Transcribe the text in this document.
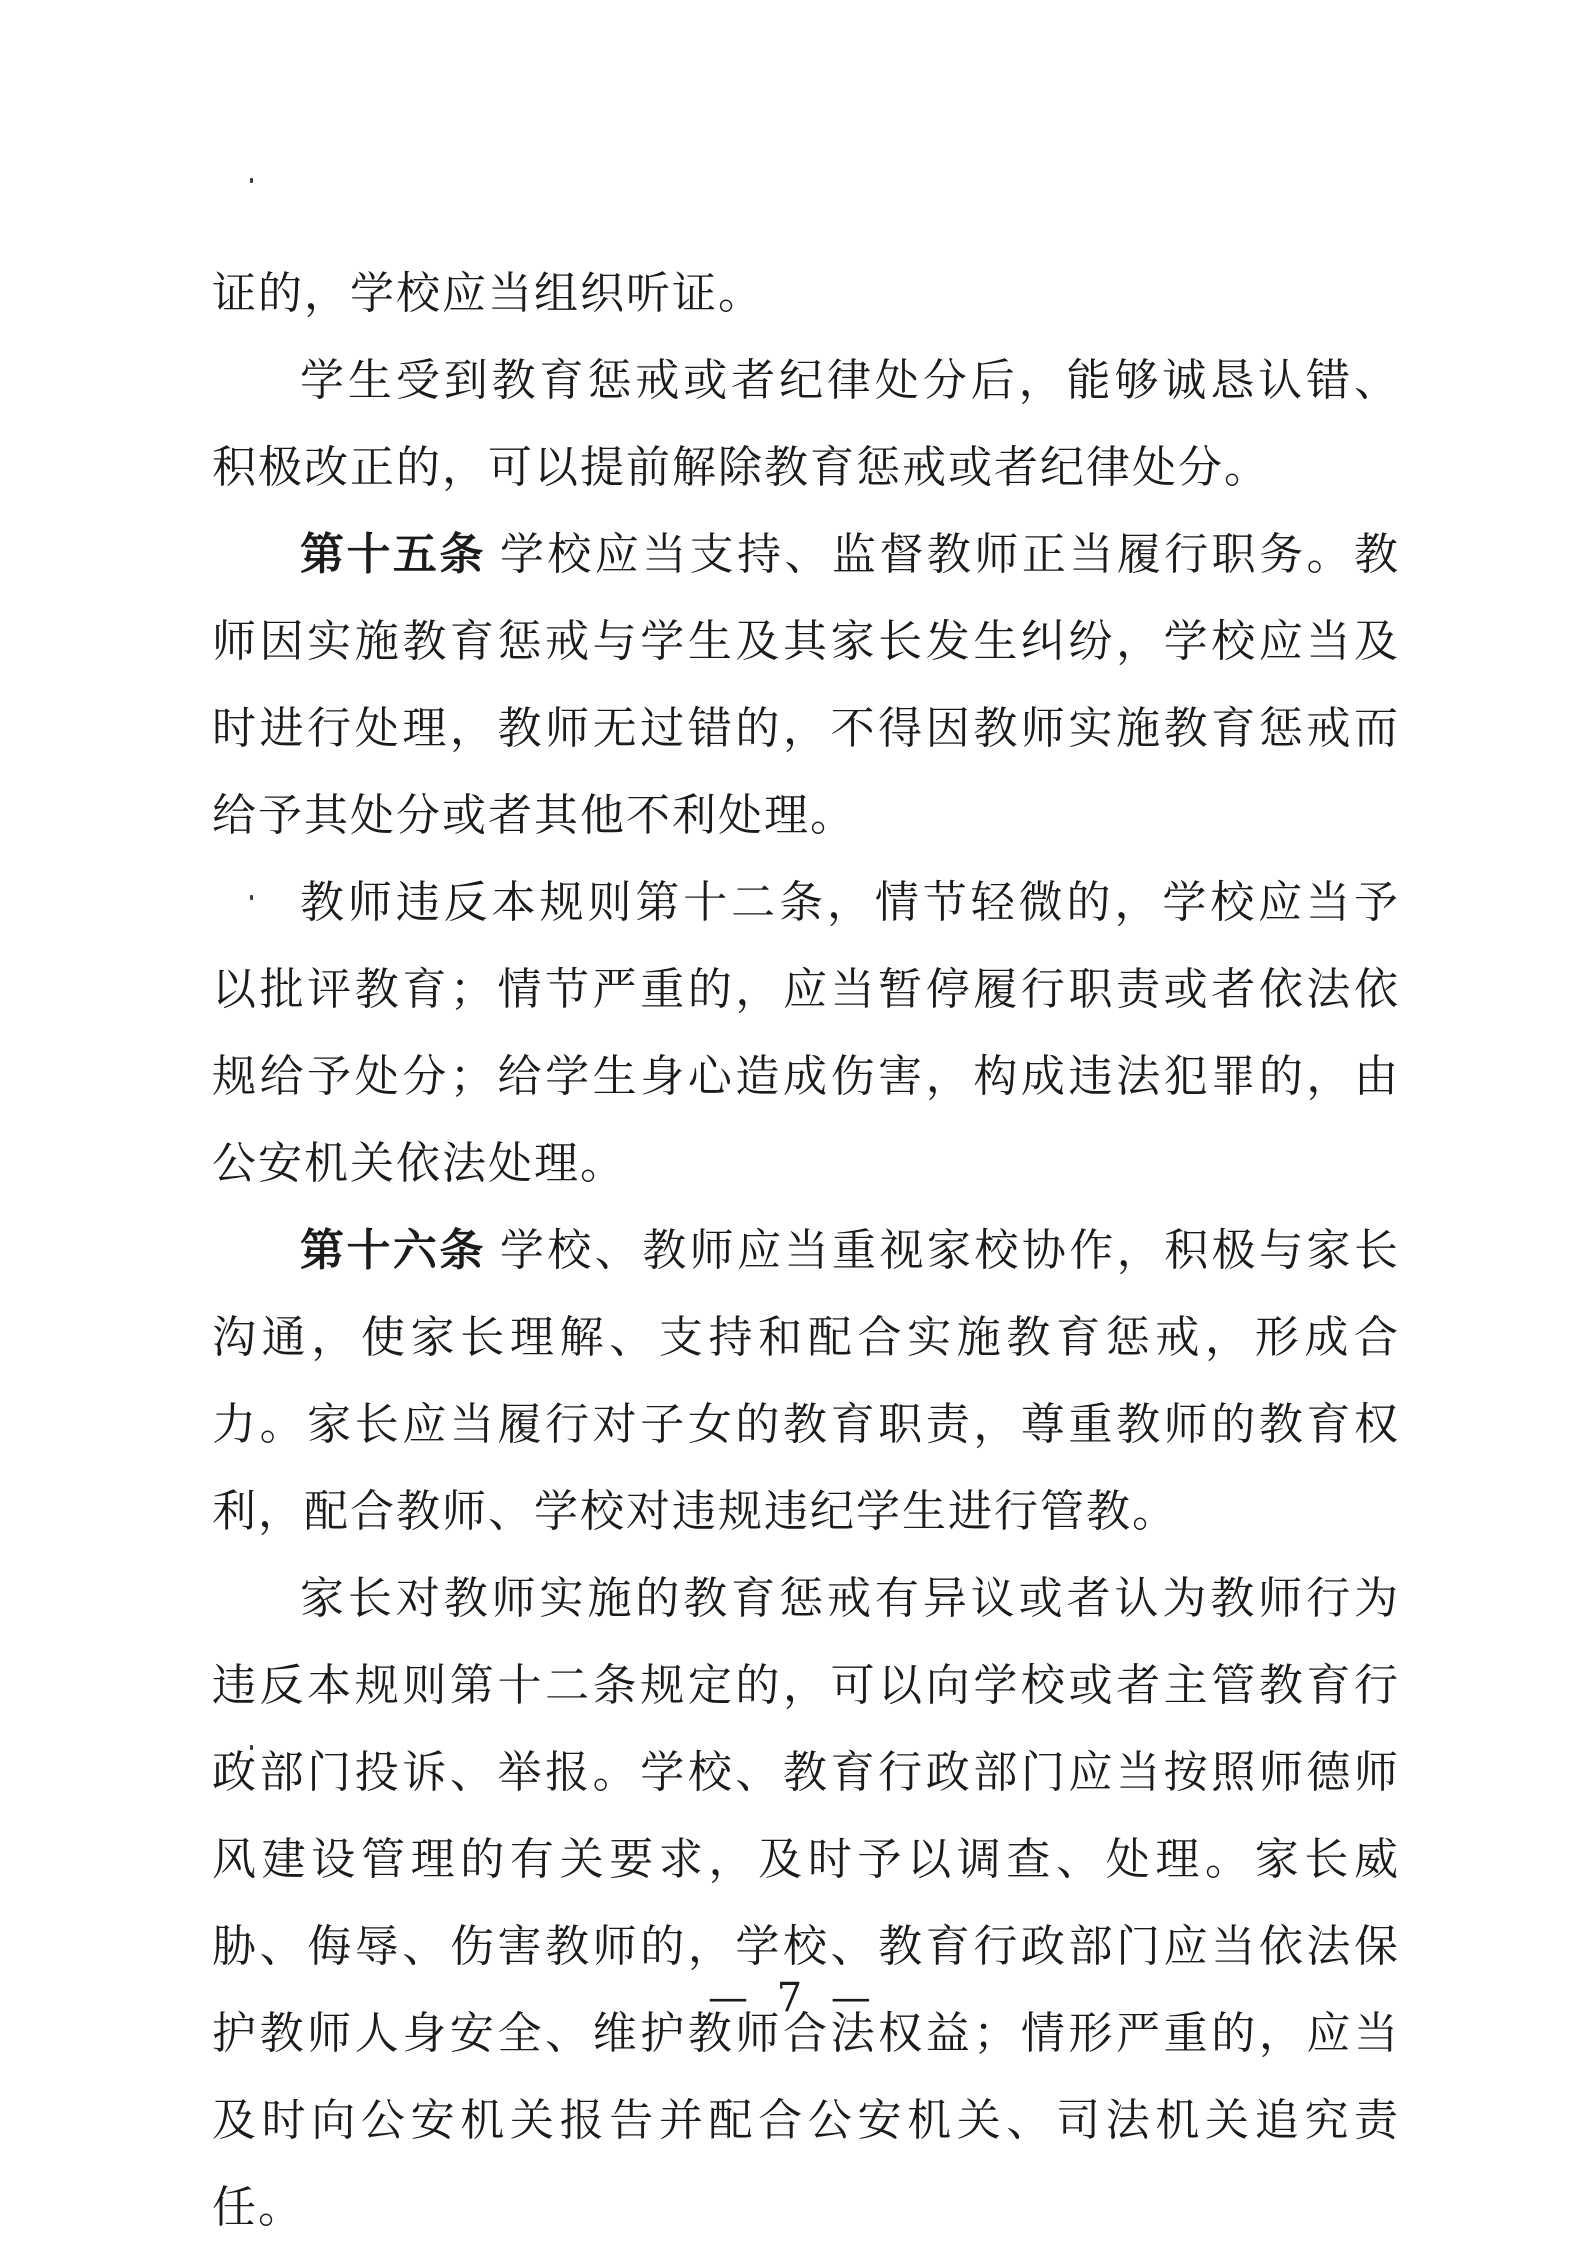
证的，学校应当组织听证。

学生受到教育惩戒或者纪律处分后，能够诚恳认错、积极改正的，可以提前解除教育惩戒或者纪律处分。

第十五条 学校应当支持、监督教师正当履行职务。教师因实施教育惩戒与学生及其家长发生纠纷，学校应当及时进行处理，教师无过错的，不得因教师实施教育惩戒而给予其处分或者其他不利处理。

教师违反本规则第十二条，情节轻微的，学校应当予以批评教育；情节严重的，应当暂停履行职责或者依法依规给予处分；给学生身心造成伤害，构成违法犯罪的，由公安机关依法处理。

第十六条 学校、教师应当重视家校协作，积极与家长沟通，使家长理解、支持和配合实施教育惩戒，形成合力。家长应当履行对子女的教育职责，尊重教师的教育权利，配合教师、学校对违规违纪学生进行管教。

家长对教师实施的教育惩戒有异议或者认为教师行为违反本规则第十二条规定的，可以向学校或者主管教育行政部门投诉、举报。学校、教育行政部门应当按照师德师风建设管理的有关要求，及时予以调查、处理。家长威胁、侮辱、伤害教师的，学校、教育行政部门应当依法保护教师人身安全、维护教师合法权益；情形严重的，应当及时向公安机关报告并配合公安机关、司法机关追究责任。

— 7 —
